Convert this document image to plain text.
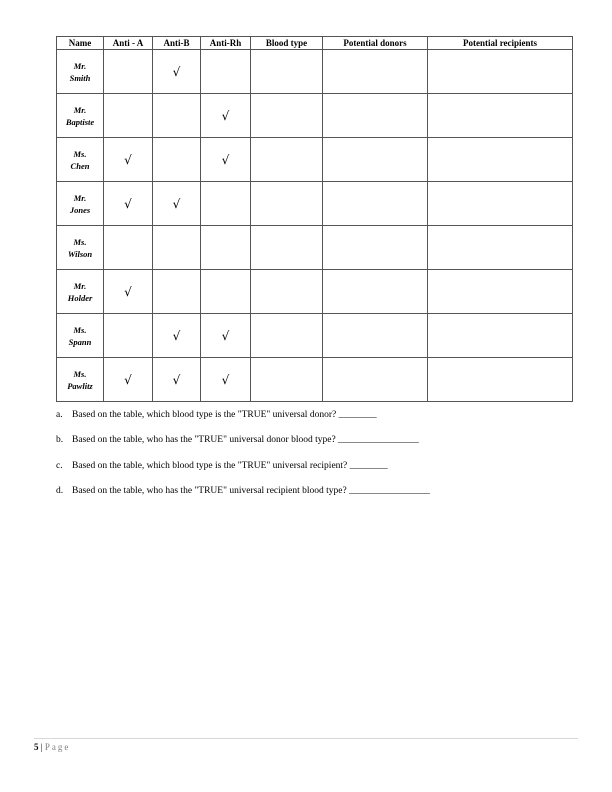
Name	Anti - A	Anti-B	Anti-Rh	Blood type	Potential donors	Potential recipients

Mr.
Smith		√				

Mr.
Baptiste			√			

Ms.
Chen	√		√			

Mr.
Jones	√	√				

Ms.
Wilson						

Mr.
Holder	√					

Ms.
Spann		√	√			

Ms.
Pawlitz	√	√	√			
a. Based on the table, which blood type is the "TRUE" universal donor? ________
b. Based on the table, who has the "TRUE" universal donor blood type? _________________
c. Based on the table, which blood type is the "TRUE" universal recipient? ________
d. Based on the table, who has the "TRUE" universal recipient blood type? _________________
5 | Page
